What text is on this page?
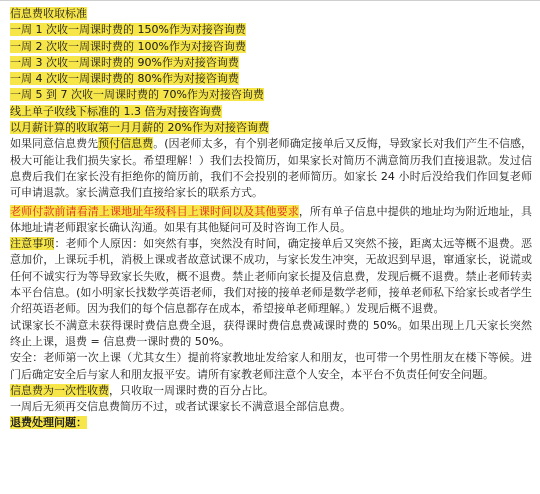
信息费收取标准
一周 1 次收一周课时费的 150%作为对接咨询费
一周 2 次收一周课时费的 100%作为对接咨询费
一周 3 次收一周课时费的 90%作为对接咨询费
一周 4 次收一周课时费的 80%作为对接咨询费
一周 5 到 7 次收一周课时费的 70%作为对接咨询费
线上单子收线下标准的 1.3 倍为对接咨询费
以月薪计算的收取第一月月薪的 20%作为对接咨询费
如果同意信息费先预付信息费。(因老师太多，有个别老师确定接单后又反悔，导致家长对我们产生不信感，极大可能让我们损失家长。希望理解！）我们去投简历，如果家长对简历不满意简历我们直接退款。发过信息费后我们在家长没有拒绝你的简历前，我们不会投别的老师简历。如家长 24 小时后没给我们作回复老师可申请退款。家长满意我们直接给家长的联系方式。
老师付款前请看清上课地址年级科目上课时间以及其他要求，所有单子信息中提供的地址均为附近地址，具体地址请老师跟家长确认沟通。如果有其他疑问可及时咨询工作人员。
注意事项：老师个人原因：如突然有事，突然没有时间，确定接单后又突然不接，距离太远等概不退费。恶意加价，上课玩手机，消极上课或者故意试课不成功，与家长发生冲突，无故迟到早退，窜通家长，说谎或任何不诚实行为等导致家长失败，概不退费。禁止老师向家长提及信息费，发现后概不退费。禁止老师转卖本平台信息。(如小明家长找数学英语老师，我们对接的接单老师是数学老师，接单老师私下给家长或者学生介绍英语老师。因为我们的每个信息都存在成本，希望接单老师理解。）发现后概不退费。
试课家长不满意未获得课时费信息费全退，获得课时费信息费减课时费的 50%。如果出现上几天家长突然终止上课，退费 = 信息费一课时费的 50%。
安全：老师第一次上课（尤其女生）提前将家教地址发给家人和朋友，也可带一个男性朋友在楼下等候。进门后确定安全后与家人和朋友报平安。请所有家教老师注意个人安全，本平台不负责任何安全问题。
信息费为一次性收费，只收取一周课时费的百分占比。
一周后无须再交信息费简历不过，或者试课家长不满意退全部信息费。
退费处理问题：
